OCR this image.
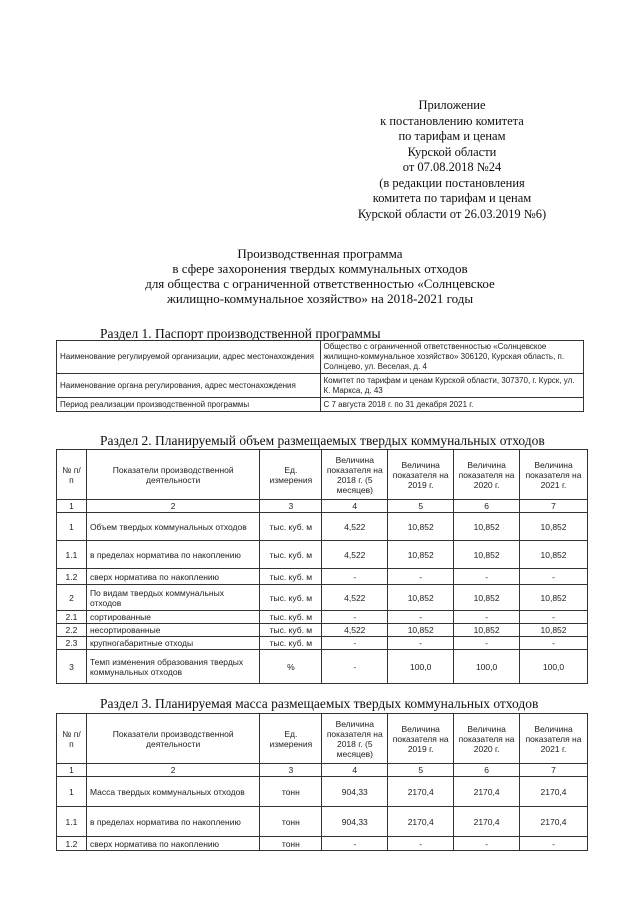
Приложение
к постановлению комитета
по тарифам и ценам
Курской области
от 07.08.2018 №24
(в редакции постановления
комитета по тарифам и ценам
Курской области от 26.03.2019 №6)
Производственная программа
в сфере захоронения твердых коммунальных отходов
для общества с ограниченной ответственностью «Солнцевское
жилищно-коммунальное хозяйство» на 2018-2021 годы
Раздел 1. Паспорт производственной программы
Наименование регулируемой организации, адрес местонахождения	Общество с ограниченной ответственностью «Солнцевское жилищно-коммунальное хозяйство» 306120, Курская область, п. Солнцево, ул. Веселая, д. 4
Наименование органа регулирования, адрес местонахождения	Комитет по тарифам и ценам Курской области, 307370, г. Курск, ул. К. Маркса, д. 43
Период реализации производственной программы	С 7 августа 2018 г. по 31 декабря 2021 г.
Раздел 2. Планируемый объем размещаемых твердых коммунальных отходов
№ п/п	Показатели производственной деятельности	Ед. измерения	Величина показателя на 2018 г. (5 месяцев)	Величина показателя на 2019 г.	Величина показателя на 2020 г.	Величина показателя на 2021 г.
1	2	3	4	5	6	7
1	Объем твердых коммунальных отходов	тыс. куб. м	4,522	10,852	10,852	10,852
1.1	в пределах норматива по накоплению	тыс. куб. м	4,522	10,852	10,852	10,852
1.2	сверх норматива по накоплению	тыс. куб. м	-	-	-	-
2	По видам твердых коммунальных отходов	тыс. куб. м	4,522	10,852	10,852	10,852
2.1	сортированные	тыс. куб. м	-	-	-	-
2.2	несортированные	тыс. куб. м	4,522	10,852	10,852	10,852
2.3	крупногабаритные отходы	тыс. куб. м	-	-	-	-
3	Темп изменения образования твердых коммунальных отходов	%	-	100,0	100,0	100,0
Раздел 3. Планируемая масса размещаемых твердых коммунальных отходов
№ п/п	Показатели производственной деятельности	Ед. измерения	Величина показателя на 2018 г. (5 месяцев)	Величина показателя на 2019 г.	Величина показателя на 2020 г.	Величина показателя на 2021 г.
1	2	3	4	5	6	7
1	Масса твердых коммунальных отходов	тонн	904,33	2170,4	2170,4	2170,4
1.1	в пределах норматива по накоплению	тонн	904,33	2170,4	2170,4	2170,4
1.2	сверх норматива по накоплению	тонн	-	-	-	-
